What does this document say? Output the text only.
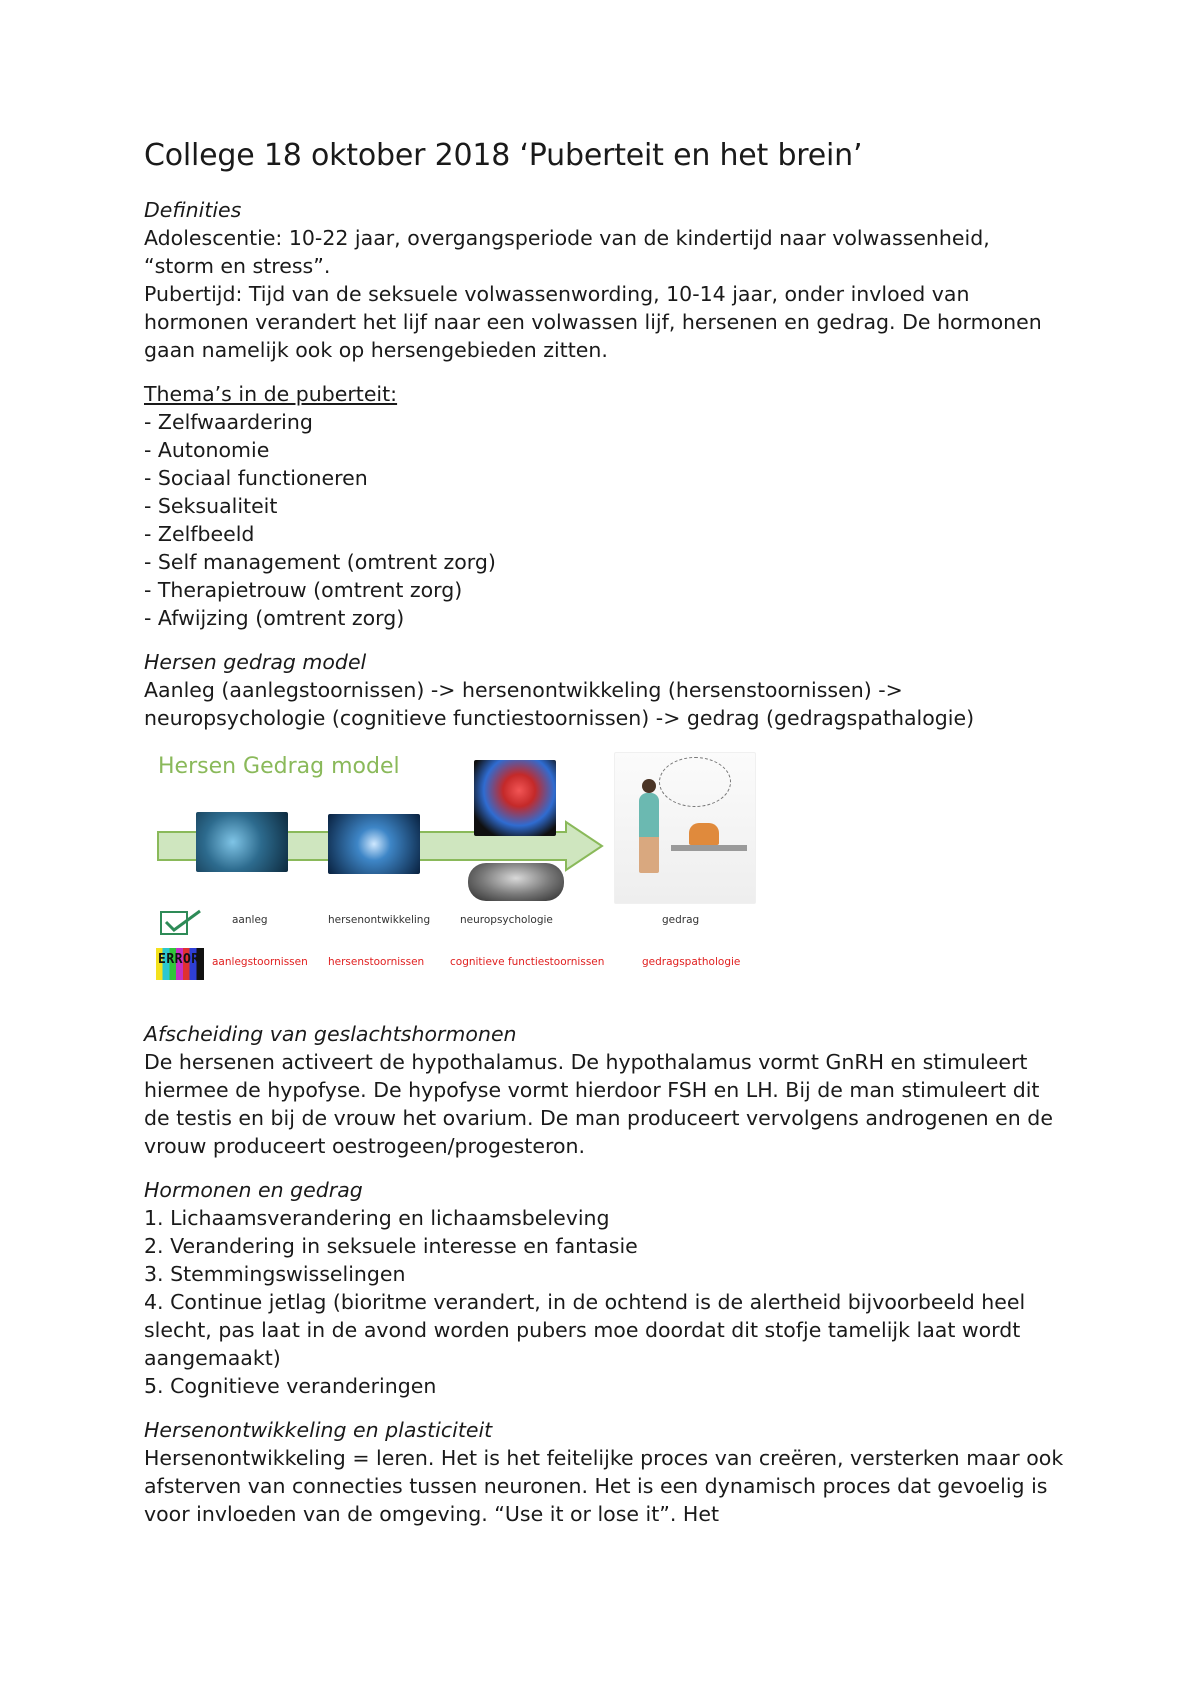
College 18 oktober 2018 ‘Puberteit en het brein’

Definities

Adolescentie: 10-22 jaar, overgangsperiode van de kindertijd naar volwassenheid, “storm en stress”.

Pubertijd: Tijd van de seksuele volwassenwording, 10-14 jaar, onder invloed van hormonen verandert het lijf naar een volwassen lijf, hersenen en gedrag. De hormonen gaan namelijk ook op hersengebieden zitten.

Thema’s in de puberteit:

- Zelfwaardering
- Autonomie
- Sociaal functioneren
- Seksualiteit
- Zelfbeeld
- Self management (omtrent zorg)
- Therapietrouw (omtrent zorg)
- Afwijzing (omtrent zorg)

Hersen gedrag model

Aanleg (aanlegstoornissen) -> hersenontwikkeling (hersenstoornissen) -> neuropsychologie (cognitieve functiestoornissen) -> gedrag (gedragspathalogie)

Hersen Gedrag model
ERROR
aanleg	hersenontwikkeling	neuropsychologie	gedrag
aanlegstoornissen hersenstoornissen cognitieve functiestoornissen	gedragspathologie

Afscheiding van geslachtshormonen

De hersenen activeert de hypothalamus. De hypothalamus vormt GnRH en stimuleert hiermee de hypofyse. De hypofyse vormt hierdoor FSH en LH. Bij de man stimuleert dit de testis en bij de vrouw het ovarium. De man produceert vervolgens androgenen en de vrouw produceert oestrogeen/progesteron.

Hormonen en gedrag

1. Lichaamsverandering en lichaamsbeleving
2. Verandering in seksuele interesse en fantasie
3. Stemmingswisselingen
4. Continue jetlag (bioritme verandert, in de ochtend is de alertheid bijvoorbeeld heel slecht, pas laat in de avond worden pubers moe doordat dit stofje tamelijk laat wordt aangemaakt)
5. Cognitieve veranderingen

Hersenontwikkeling en plasticiteit

Hersenontwikkeling = leren. Het is het feitelijke proces van creëren, versterken maar ook afsterven van connecties tussen neuronen. Het is een dynamisch proces dat gevoelig is voor invloeden van de omgeving. “Use it or lose it”. Het
